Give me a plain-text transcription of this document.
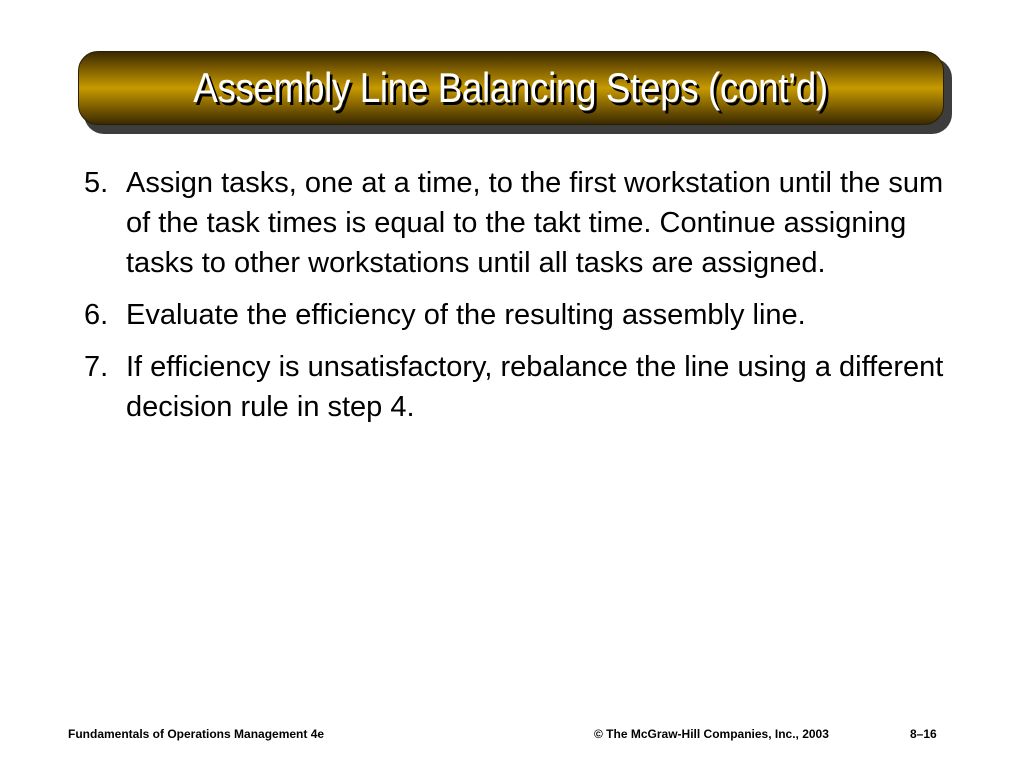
Assembly Line Balancing Steps (cont’d)
5. Assign tasks, one at a time, to the first workstation until the sum of the task times is equal to the takt time. Continue assigning tasks to other workstations until all tasks are assigned.
6. Evaluate the efficiency of the resulting assembly line.
7. If efficiency is unsatisfactory, rebalance the line using a different decision rule in step 4.
Fundamentals of Operations Management 4e	© The McGraw-Hill Companies, Inc., 2003	8–16
